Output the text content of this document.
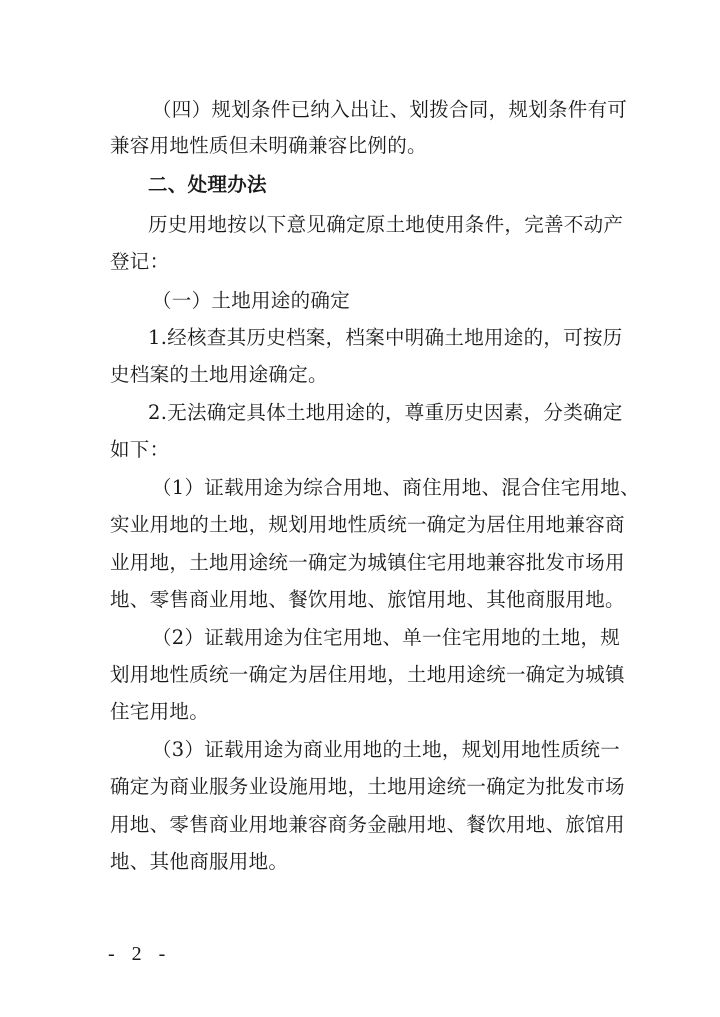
（四）规划条件已纳入出让、划拨合同，规划条件有可
兼容用地性质但未明确兼容比例的。
二、处理办法
历史用地按以下意见确定原土地使用条件，完善不动产
登记：
（一）土地用途的确定
1.经核查其历史档案，档案中明确土地用途的，可按历
史档案的土地用途确定。
2.无法确定具体土地用途的，尊重历史因素，分类确定
如下：
（1）证载用途为综合用地、商住用地、混合住宅用地、
实业用地的土地，规划用地性质统一确定为居住用地兼容商
业用地，土地用途统一确定为城镇住宅用地兼容批发市场用
地、零售商业用地、餐饮用地、旅馆用地、其他商服用地。
（2）证载用途为住宅用地、单一住宅用地的土地，规
划用地性质统一确定为居住用地，土地用途统一确定为城镇
住宅用地。
（3）证载用途为商业用地的土地，规划用地性质统一
确定为商业服务业设施用地，土地用途统一确定为批发市场
用地、零售商业用地兼容商务金融用地、餐饮用地、旅馆用
地、其他商服用地。
- 2 -
